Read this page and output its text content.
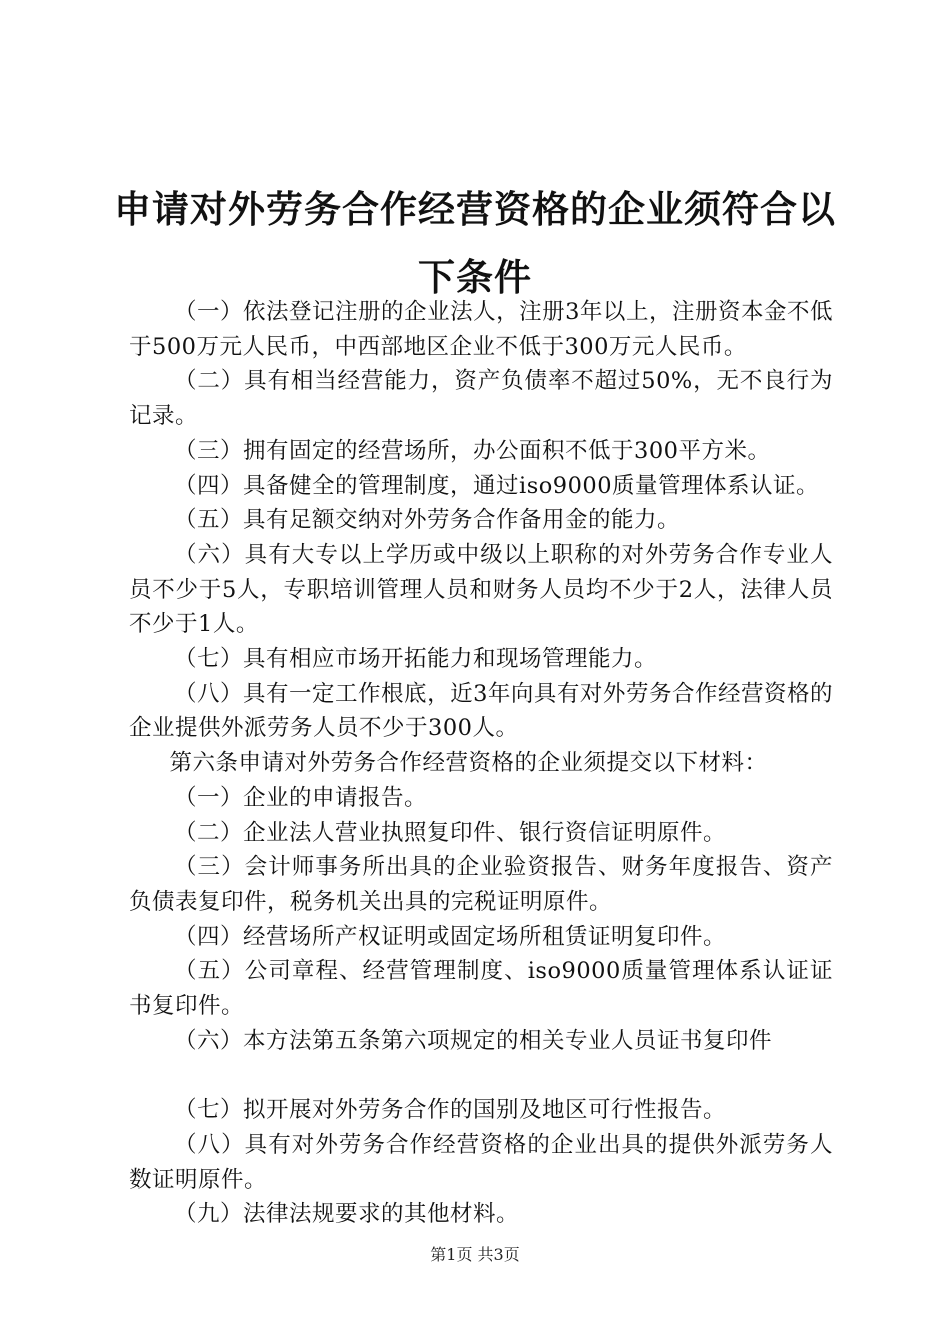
申请对外劳务合作经营资格的企业须符合以下条件

（一）依法登记注册的企业法人，注册3年以上，注册资本金不低于500万元人民币，中西部地区企业不低于300万元人民币。

（二）具有相当经营能力，资产负债率不超过50%，无不良行为记录。

（三）拥有固定的经营场所，办公面积不低于300平方米。

（四）具备健全的管理制度，通过iso9000质量管理体系认证。

（五）具有足额交纳对外劳务合作备用金的能力。

（六）具有大专以上学历或中级以上职称的对外劳务合作专业人员不少于5人，专职培训管理人员和财务人员均不少于2人，法律人员不少于1人。

（七）具有相应市场开拓能力和现场管理能力。

（八）具有一定工作根底，近3年向具有对外劳务合作经营资格的企业提供外派劳务人员不少于300人。

第六条申请对外劳务合作经营资格的企业须提交以下材料：

（一）企业的申请报告。

（二）企业法人营业执照复印件、银行资信证明原件。

（三）会计师事务所出具的企业验资报告、财务年度报告、资产负债表复印件，税务机关出具的完税证明原件。

（四）经营场所产权证明或固定场所租赁证明复印件。

（五）公司章程、经营管理制度、iso9000质量管理体系认证证书复印件。

（六）本方法第五条第六项规定的相关专业人员证书复印件

（七）拟开展对外劳务合作的国别及地区可行性报告。

（八）具有对外劳务合作经营资格的企业出具的提供外派劳务人数证明原件。

（九）法律法规要求的其他材料。

第1页 共3页
